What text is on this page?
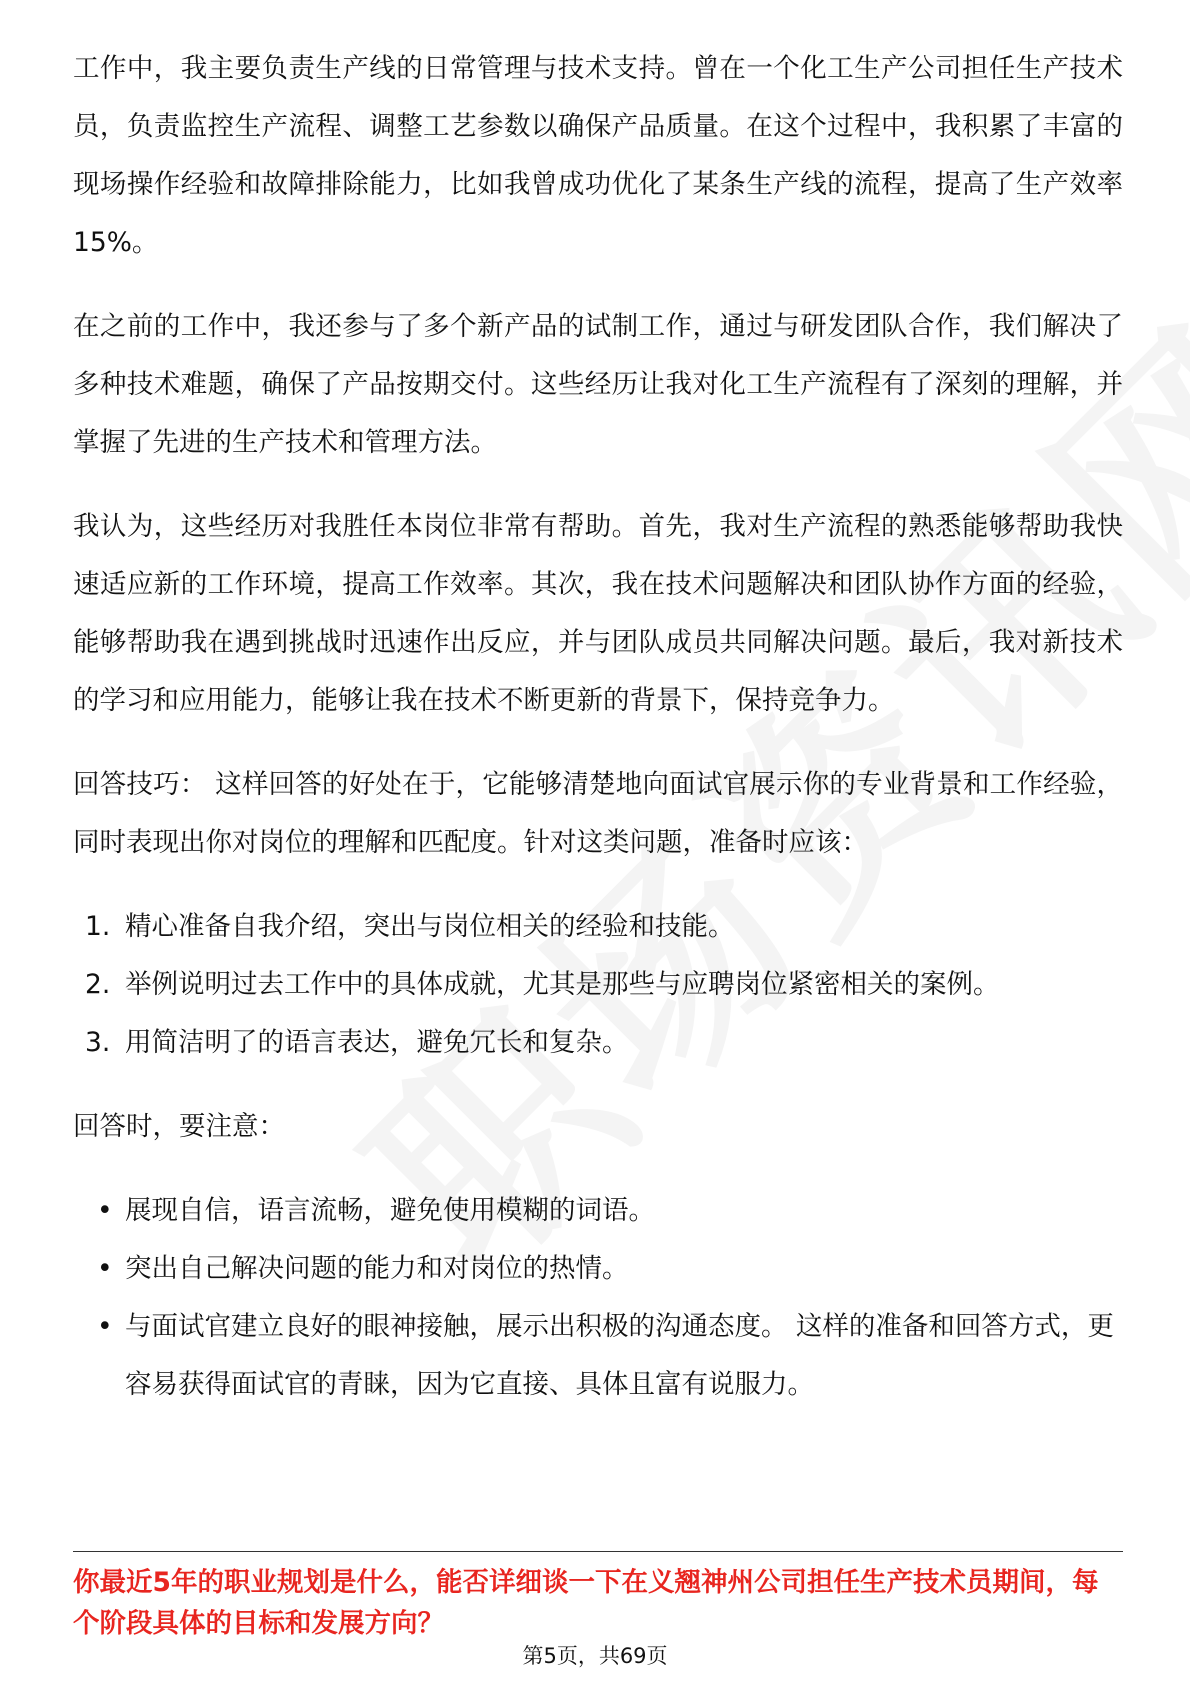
工作中，我主要负责生产线的日常管理与技术支持。曾在一个化工生产公司担任生产技术员，负责监控生产流程、调整工艺参数以确保产品质量。在这个过程中，我积累了丰富的现场操作经验和故障排除能力，比如我曾成功优化了某条生产线的流程，提高了生产效率15%。

在之前的工作中，我还参与了多个新产品的试制工作，通过与研发团队合作，我们解决了多种技术难题，确保了产品按期交付。这些经历让我对化工生产流程有了深刻的理解，并掌握了先进的生产技术和管理方法。

我认为，这些经历对我胜任本岗位非常有帮助。首先，我对生产流程的熟悉能够帮助我快速适应新的工作环境，提高工作效率。其次，我在技术问题解决和团队协作方面的经验，能够帮助我在遇到挑战时迅速作出反应，并与团队成员共同解决问题。最后，我对新技术的学习和应用能力，能够让我在技术不断更新的背景下，保持竞争力。

回答技巧： 这样回答的好处在于，它能够清楚地向面试官展示你的专业背景和工作经验，同时表现出你对岗位的理解和匹配度。针对这类问题，准备时应该：

1. 精心准备自我介绍，突出与岗位相关的经验和技能。
2. 举例说明过去工作中的具体成就，尤其是那些与应聘岗位紧密相关的案例。
3. 用简洁明了的语言表达，避免冗长和复杂。

回答时，要注意：

• 展现自信，语言流畅，避免使用模糊的词语。
• 突出自己解决问题的能力和对岗位的热情。
• 与面试官建立良好的眼神接触，展示出积极的沟通态度。 这样的准备和回答方式，更容易获得面试官的青睐，因为它直接、具体且富有说服力。
你最近5年的职业规划是什么，能否详细谈一下在义翘神州公司担任生产技术员期间，每个阶段具体的目标和发展方向？
第5页，共69页
